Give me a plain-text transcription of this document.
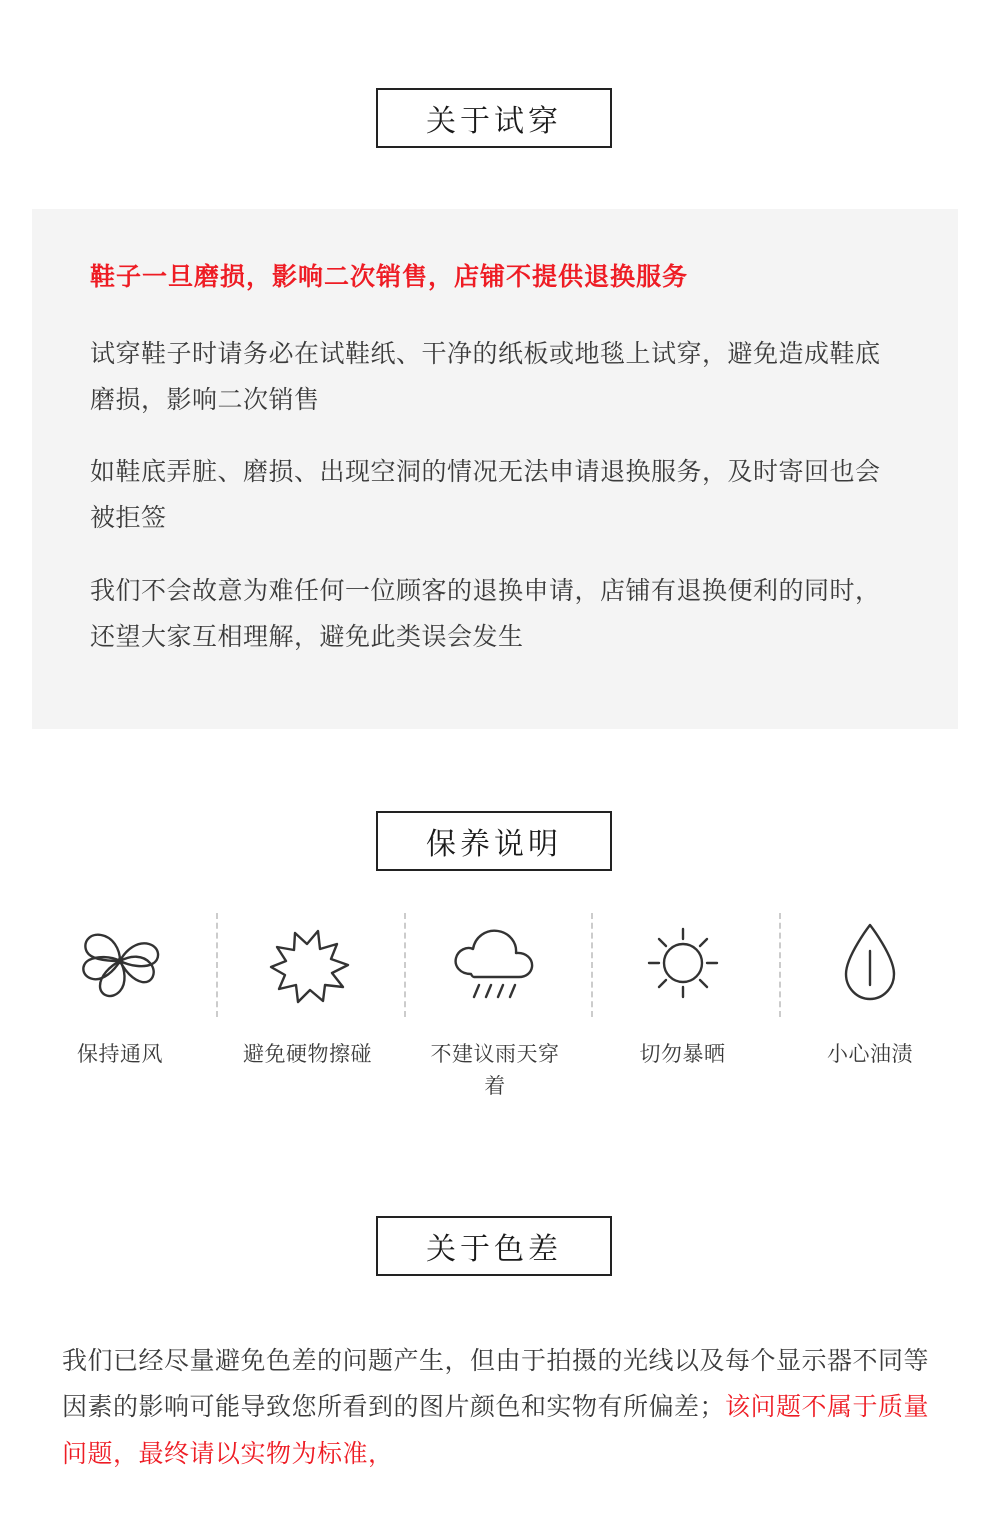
关于试穿

鞋子一旦磨损，影响二次销售，店铺不提供退换服务

试穿鞋子时请务必在试鞋纸、干净的纸板或地毯上试穿，避免造成鞋底磨损，影响二次销售

如鞋底弄脏、磨损、出现空洞的情况无法申请退换服务，及时寄回也会被拒签

我们不会故意为难任何一位顾客的退换申请，店铺有退换便利的同时，还望大家互相理解，避免此类误会发生

保养说明
保持通风	避免硬物擦碰	不建议雨天穿着
切勿暴晒	小心油渍
关于色差
我们已经尽量避免色差的问题产生，但由于拍摄的光线以及每个显示器不同等因素的影响可能导致您所看到的图片颜色和实物有所偏差；该问题不属于质量问题，最终请以实物为标准，
